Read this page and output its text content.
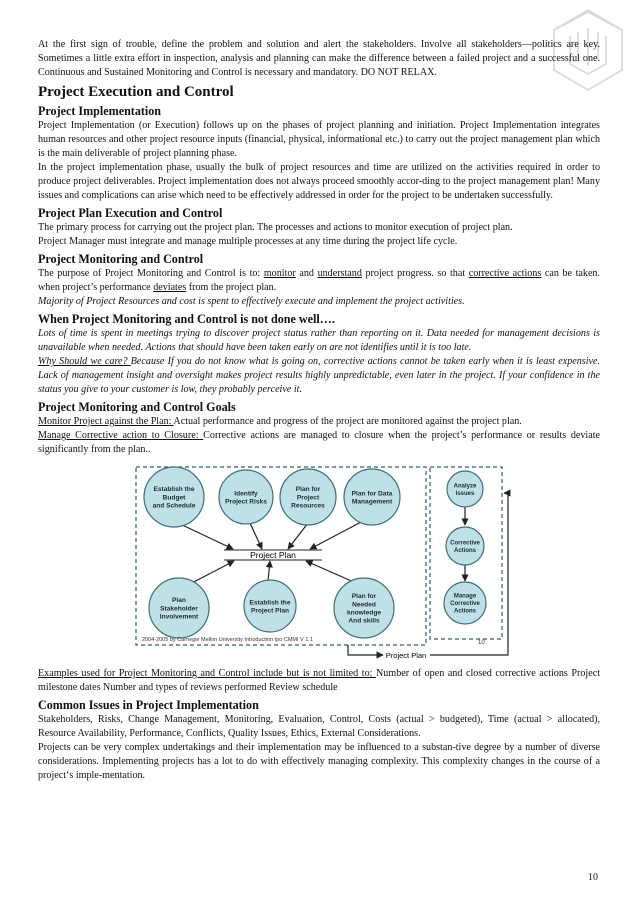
At the first sign of trouble, define the problem and solution and alert the stakeholders. Involve all stakeholders—politics are key. Sometimes a little extra effort in inspection, analysis and planning can make the difference between a failed project and a successful one. Continuous and Sustained Monitoring and Control is necessary and mandatory. DO NOT RELAX.

Project Execution and Control
Project Implementation

Project Implementation (or Execution) follows up on the phases of project planning and initiation. Project Implementation integrates human resources and other project resource inputs (financial, physical, informational etc.) to carry out the project management plan which is the main deliverable of project planning phase.

In the project implementation phase, usually the bulk of project resources and time are utilized on the activities required in order to produce project deliverables. Project implementation does not always proceed smoothly accor-ding to the project management plan! Many issues and complications can arise which need to be effectively addressed in order for the project to be undertaken successfully.

Project Plan Execution and Control

The primary process for carrying out the project plan. The processes and actions to monitor execution of project plan.

Project Manager must integrate and manage multiple processes at any time during the project life cycle.

Project Monitoring and Control

The purpose of Project Monitoring and Control is to: monitor and understand project progress. so that corrective actions can be taken. when project’s performance deviates from the project plan.

Majority of Project Resources and cost is spent to effectively execute and implement the project activities.

When Project Monitoring and Control is not done well….

Lots of time is spent in meetings trying to discover project status rather than reporting on it. Data needed for management decisions is unavailable when needed. Actions that should have been taken early on are not identifies until it is too late.

Why Should we care? Because If you do not know what is going on, corrective actions cannot be taken early when it is least expensive. Lack of management insight and oversight makes project results highly unpredictable, even later in the project. If your confidence in the status you give to your customer is low, they probably perceive it.

Project Monitoring and Control Goals

Monitor Project against the Plan: Actual performance and progress of the project are monitored against the project plan.

Manage Corrective action to Closure: Corrective actions are managed to closure when the project’s performance or results deviate significantly from the plan..

Project Plan
Establish the
Budget
and Schedule
Identify
Project Risks
Plan for
Project
Resources
Plan for Data
Management
Plan
Stakeholder
Involvement
Establish the
Project Plan
Plan for
Needed
knowledge
And skills
Analyze
Issues
Corrective
Actions
Manage
Corrective
Actions
Project Plan
2004-2005 by Carnegie Mellon University Introduction tpo CMMI V 1.1	10

Examples used for Project Monitoring and Control include but is not limited to: Number of open and closed corrective actions Project milestone dates Number and types of reviews performed Review schedule

Common Issues in Project Implementation

Stakeholders, Risks, Change Management, Monitoring, Evaluation, Control, Costs (actual > budgeted), Time (actual > allocated), Resource Availability, Performance, Conflicts, Quality Issues, Ethics, External Considerations.

Projects can be very complex undertakings and their implementation may be influenced to a substan-tive degree by a number of diverse considerations. Implementing projects has a lot to do with effectively managing complexity. This complexity changes in the course of a project‘s imple-mentation.

10
